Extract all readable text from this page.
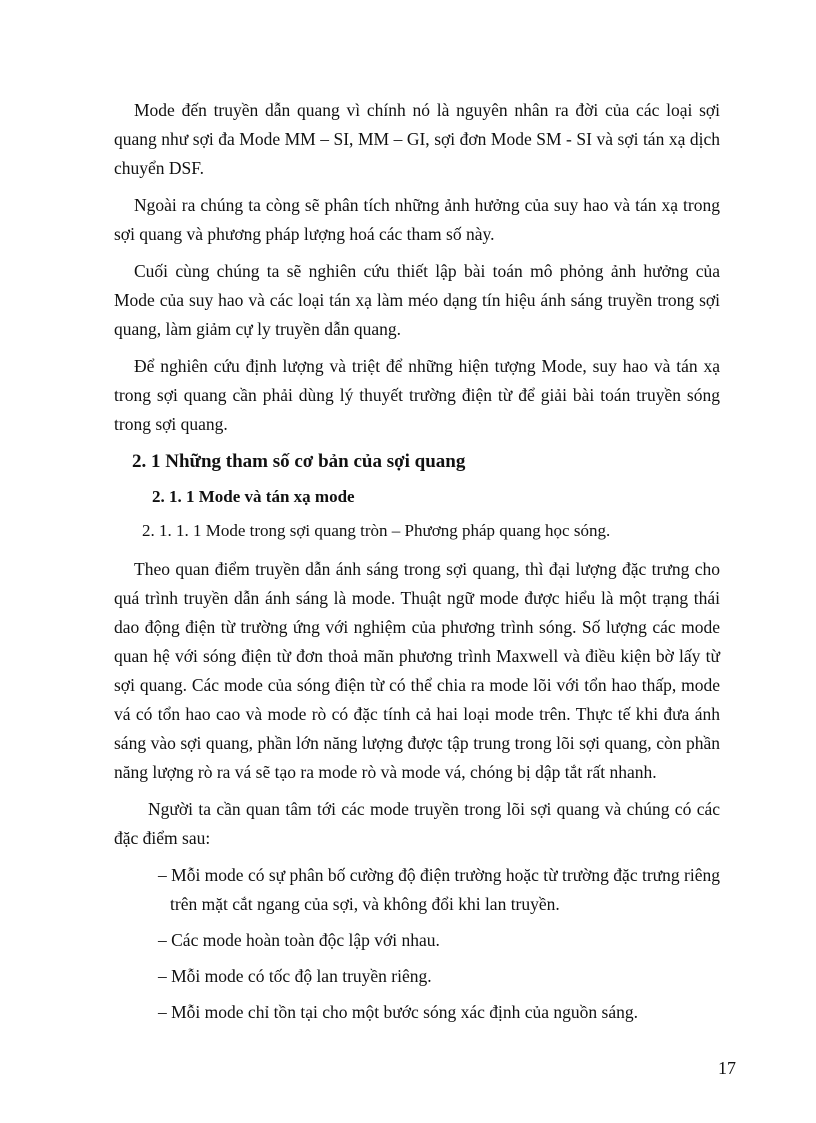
Mode đến truyền dẫn quang vì chính nó là nguyên nhân ra đời của các loại sợi quang như sợi đa Mode MM – SI, MM – GI, sợi đơn Mode SM - SI và sợi tán xạ dịch chuyển DSF.

Ngoài ra chúng ta còng sẽ phân tích những ảnh hưởng của suy hao và tán xạ trong sợi quang và phương pháp lượng hoá các tham số này.

Cuối cùng chúng ta sẽ nghiên cứu thiết lập bài toán mô phỏng ảnh hưởng của Mode của suy hao và các loại tán xạ làm méo dạng tín hiệu ánh sáng truyền trong sợi quang, làm giảm cự ly truyền dẫn quang.

Để nghiên cứu định lượng và triệt để những hiện tượng Mode, suy hao và tán xạ trong sợi quang cần phải dùng lý thuyết trường điện từ để giải bài toán truyền sóng trong sợi quang.

2. 1 Những tham số cơ bản của sợi quang
2. 1. 1 Mode và tán xạ mode
2. 1. 1. 1 Mode trong sợi quang tròn – Phương pháp quang học sóng.

Theo quan điểm truyền dẫn ánh sáng trong sợi quang, thì đại lượng đặc trưng cho quá trình truyền dẫn ánh sáng là mode. Thuật ngữ mode được hiểu là một trạng thái dao động điện từ trường ứng với nghiệm của phương trình sóng. Số lượng các mode quan hệ với sóng điện từ đơn thoả mãn phương trình Maxwell và điều kiện bờ lấy từ sợi quang. Các mode của sóng điện từ có thể chia ra mode lõi với tổn hao thấp, mode vá có tổn hao cao và mode rò có đặc tính cả hai loại mode trên. Thực tế khi đưa ánh sáng vào sợi quang, phần lớn năng lượng được tập trung trong lõi sợi quang, còn phần năng lượng rò ra vá sẽ tạo ra mode rò và mode vá, chóng bị dập tắt rất nhanh.

Người ta cần quan tâm tới các mode truyền trong lõi sợi quang và chúng có các đặc điểm sau:

– Mỗi mode có sự phân bố cường độ điện trường hoặc từ trường đặc trưng riêng trên mặt cắt ngang của sợi, và không đổi khi lan truyền.
– Các mode hoàn toàn độc lập với nhau.
– Mỗi mode có tốc độ lan truyền riêng.
– Mỗi mode chỉ tồn tại cho một bước sóng xác định của nguồn sáng.
17
